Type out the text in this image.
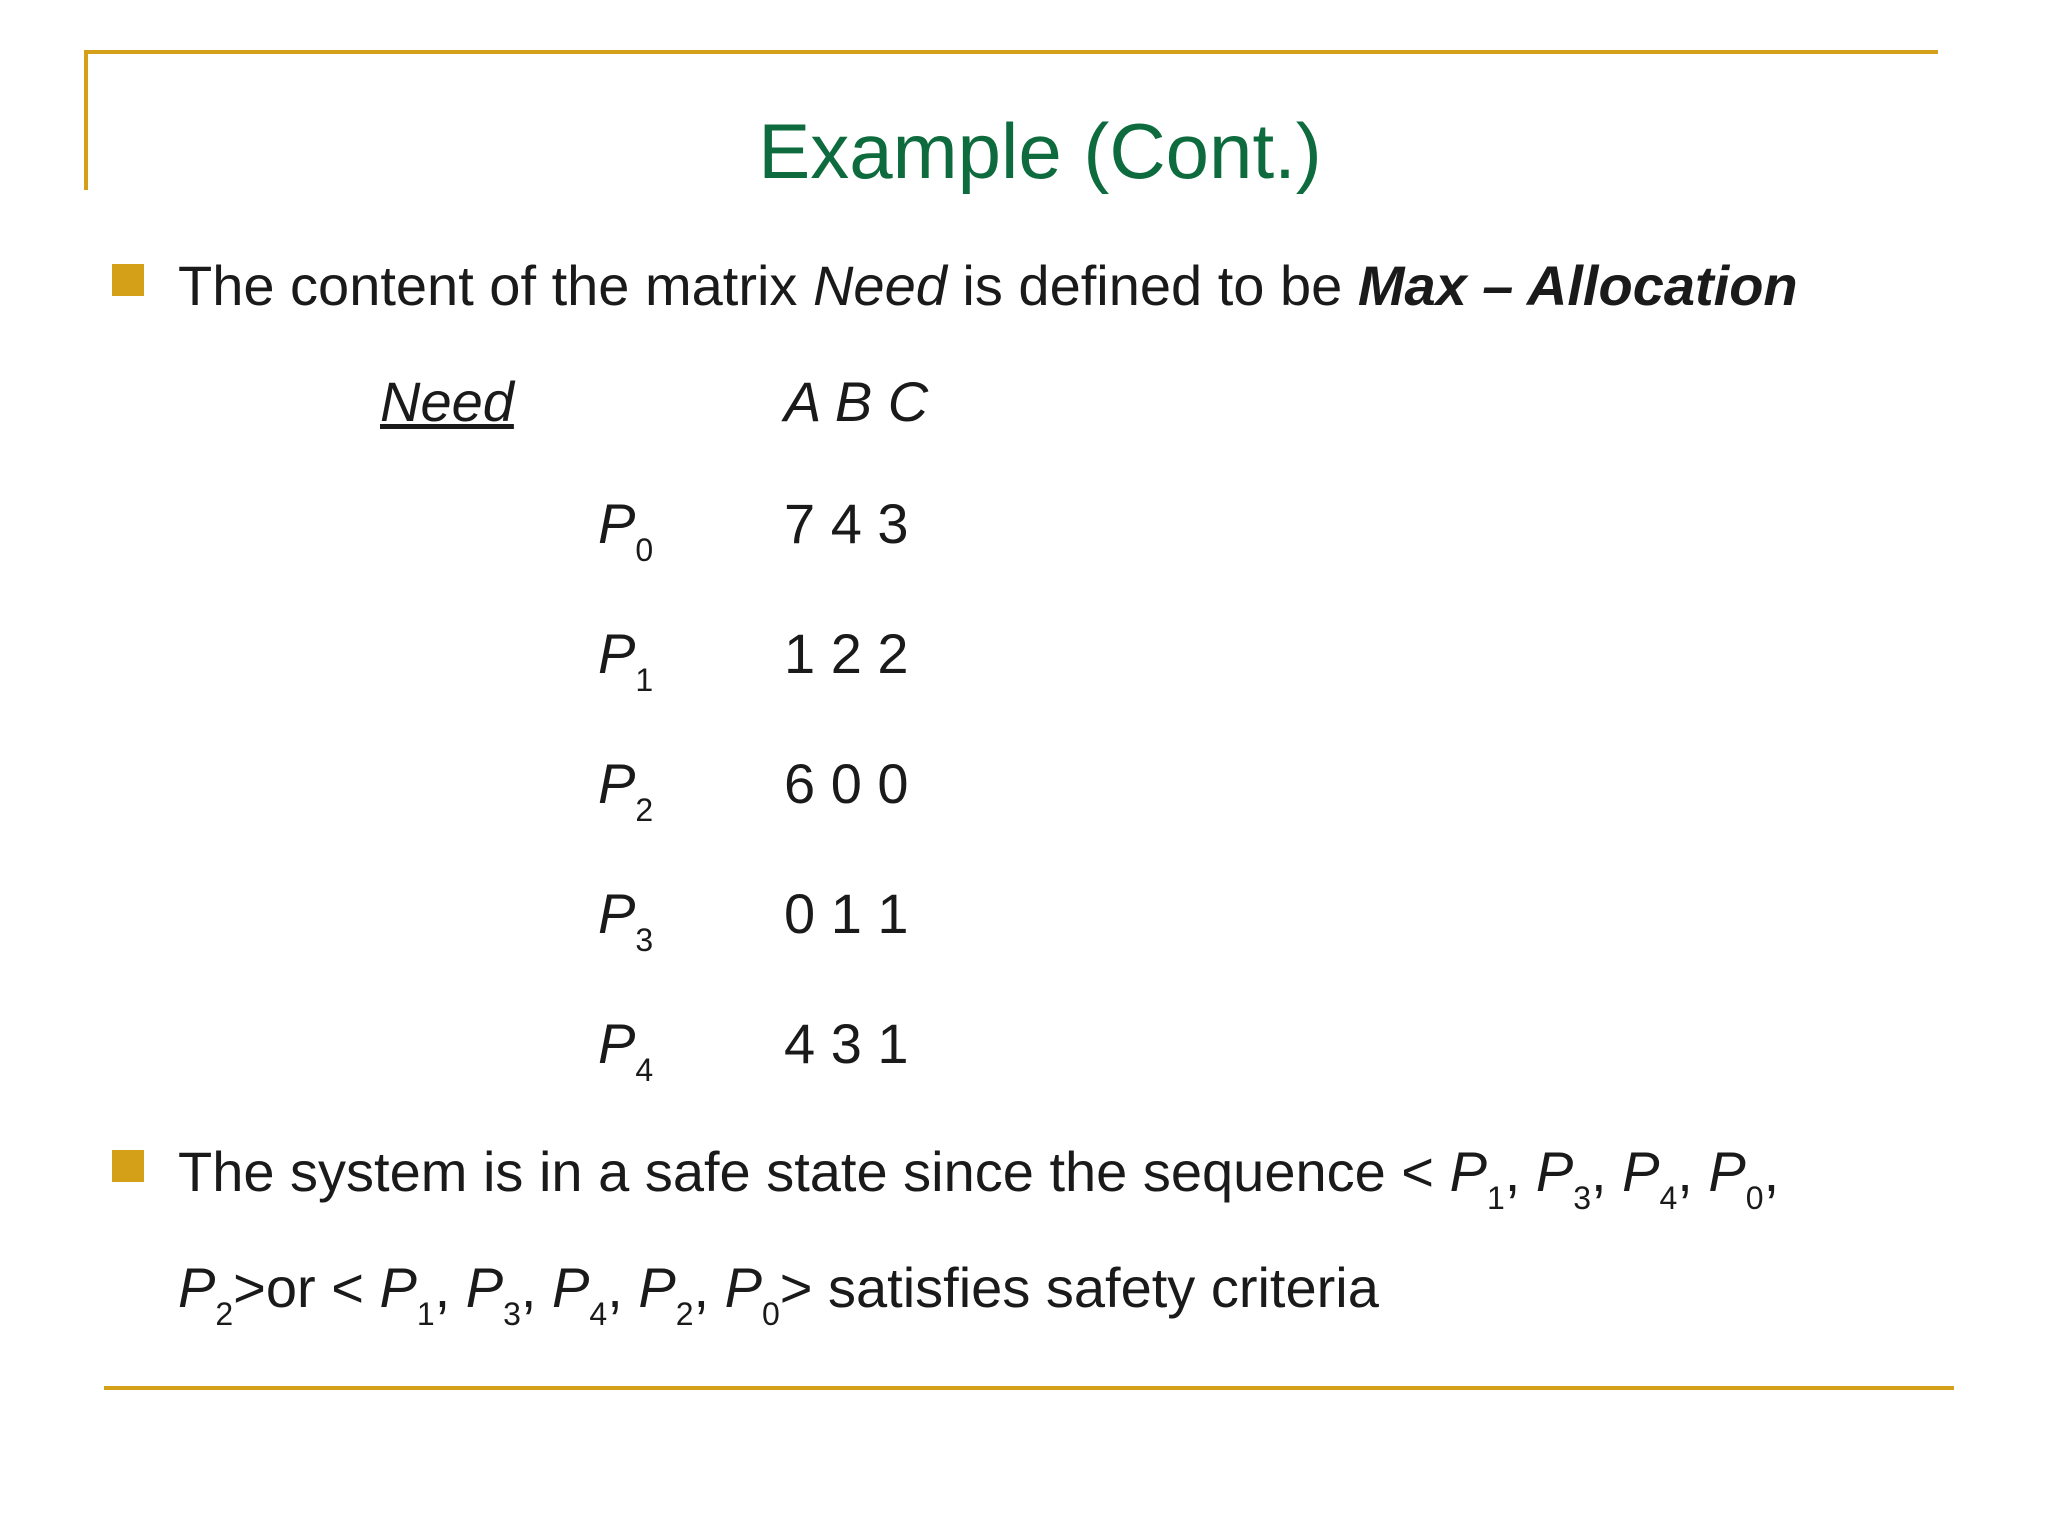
Example (Cont.)
The content of the matrix Need is defined to be Max – Allocation
Need	A B C
$P_0$ 7 4 3
$P_1$ 1 2 2
$P_2$ 6 0 0
$P_3$ 0 1 1
$P_4$ 4 3 1
The system is in a safe state since the sequence < $P_1$, $P_3$, $P_4$, $P_0$,
$P_2>or < P_1$, $P_3$, $P_4$, $P_2$, $P_0>$ satisfies safety criteria
